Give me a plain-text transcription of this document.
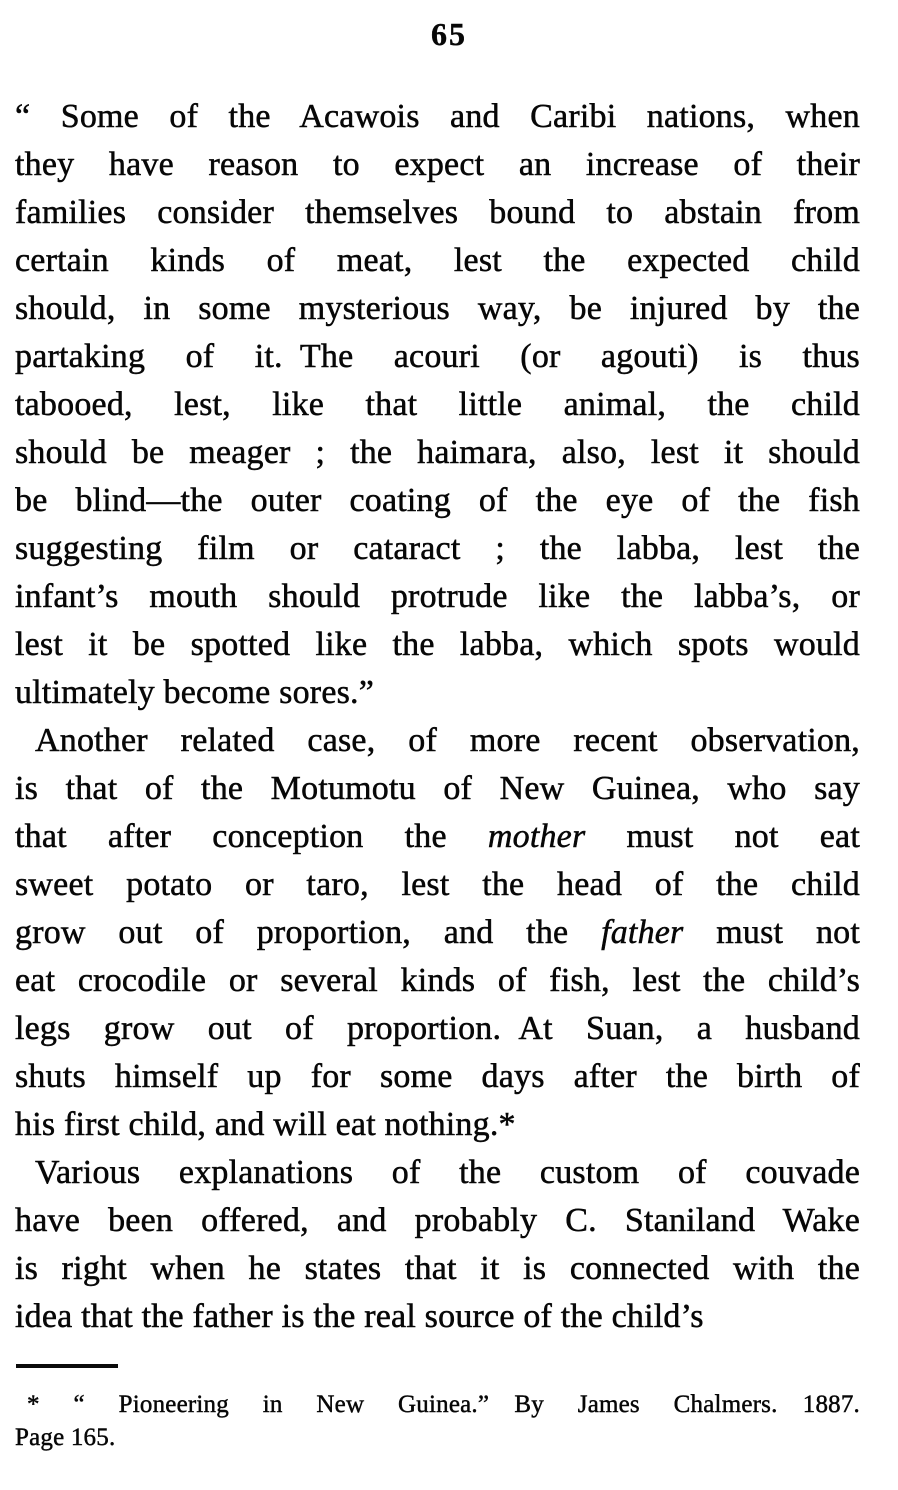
65
“ Some of the Acawois and Caribi nations, when
they have reason to expect an increase of their
families consider themselves bound to abstain from
certain kinds of meat, lest the expected child
should, in some mysterious way, be injured by the
partaking of it. The acouri (or agouti) is thus
tabooed, lest, like that little animal, the child
should be meager ; the haimara, also, lest it should
be blind—the outer coating of the eye of the fish
suggesting film or cataract ; the labba, lest the
infant’s mouth should protrude like the labba’s, or
lest it be spotted like the labba, which spots would
ultimately become sores.”
Another related case, of more recent observation,
is that of the Motumotu of New Guinea, who say
that after conception the mother must not eat
sweet potato or taro, lest the head of the child
grow out of proportion, and the father must not
eat crocodile or several kinds of fish, lest the child’s
legs grow out of proportion. At Suan, a husband
shuts himself up for some days after the birth of
his first child, and will eat nothing.*
Various explanations of the custom of couvade
have been offered, and probably C. Staniland Wake
is right when he states that it is connected with the
idea that the father is the real source of the child’s
* “ Pioneering in New Guinea.” By James Chalmers. 1887.
Page 165.
